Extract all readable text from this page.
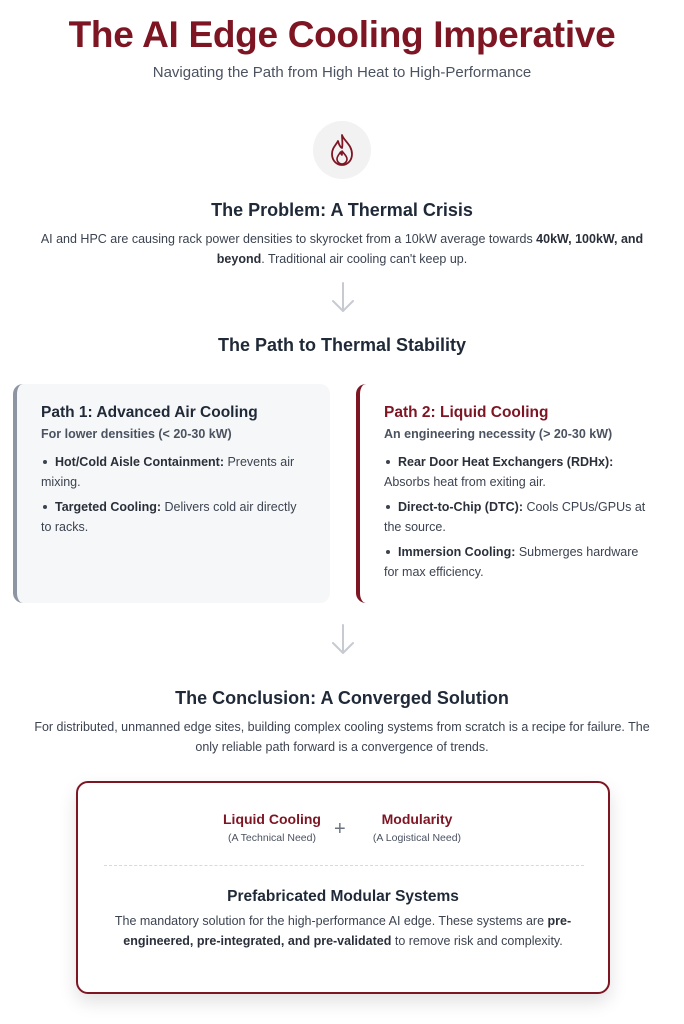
The AI Edge Cooling Imperative
Navigating the Path from High Heat to High-Performance
The Problem: A Thermal Crisis
AI and HPC are causing rack power densities to skyrocket from a 10kW average towards 40kW, 100kW, and beyond. Traditional air cooling can't keep up.
The Path to Thermal Stability
Path 1: Advanced Air Cooling
For lower densities (< 20-30 kW)
Hot/Cold Aisle Containment: Prevents air mixing.
Targeted Cooling: Delivers cold air directly to racks.
Path 2: Liquid Cooling
An engineering necessity (> 20-30 kW)
Rear Door Heat Exchangers (RDHx): Absorbs heat from exiting air.
Direct-to-Chip (DTC): Cools CPUs/GPUs at the source.
Immersion Cooling: Submerges hardware for max efficiency.
The Conclusion: A Converged Solution
For distributed, unmanned edge sites, building complex cooling systems from scratch is a recipe for failure. The only reliable path forward is a convergence of trends.
Liquid Cooling
(A Technical Need) +	Modularity
(A Logistical Need)
Prefabricated Modular Systems
The mandatory solution for the high-performance AI edge. These systems are pre-engineered, pre-integrated, and pre-validated to remove risk and complexity.
